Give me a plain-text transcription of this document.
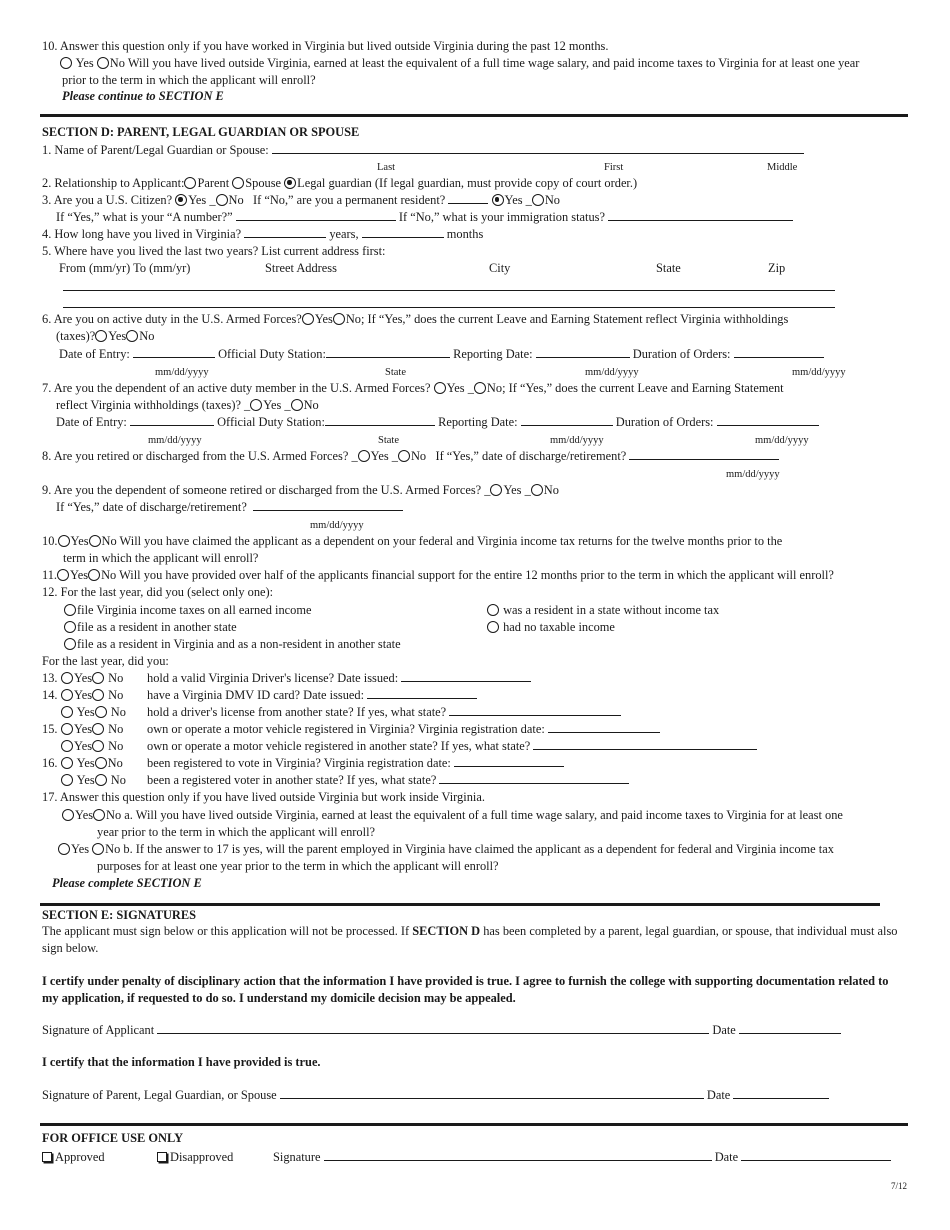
10. Answer this question only if you have worked in Virginia but lived outside Virginia during the past 12 months.
Yes No Will you have lived outside Virginia, earned at least the equivalent of a full time wage salary, and paid income taxes to Virginia for at least one year
prior to the term in which the applicant will enroll?
Please continue to SECTION E
SECTION D: PARENT, LEGAL GUARDIAN OR SPOUSE
1. Name of Parent/Legal Guardian or Spouse:
Last	First	Middle
2. Relationship to Applicant: Parent Spouse Legal guardian (If legal guardian, must provide copy of court order.)
3. Are you a U.S. Citizen? Yes _ No If “No,” are you a permanent resident?	Yes _ No
If “Yes,” what is your “A number?”	If “No,” what is your immigration status?
4. How long have you lived in Virginia?	years,	months
5. Where have you lived the last two years? List current address first:
From (mm/yr) To (mm/yr)	Street Address	City	State	Zip
6. Are you on active duty in the U.S. Armed Forces? Yes No; If “Yes,” does the current Leave and Earning Statement reflect Virginia withholdings
(taxes)? Yes No
Date of Entry:	Official Duty Station:	Reporting Date:	Duration of Orders:
mm/dd/yyyy	State	mm/dd/yyyy	mm/dd/yyyy
7. Are you the dependent of an active duty member in the U.S. Armed Forces? Yes _ No; If “Yes,” does the current Leave and Earning Statement
reflect Virginia withholdings (taxes)? _ Yes _ No
Date of Entry:	Official Duty Station:	Reporting Date:	Duration of Orders:
mm/dd/yyyy	State	mm/dd/yyyy	mm/dd/yyyy
8. Are you retired or discharged from the U.S. Armed Forces? _ Yes _ No If “Yes,” date of discharge/retirement?
mm/dd/yyyy
9. Are you the dependent of someone retired or discharged from the U.S. Armed Forces? _ Yes _ No
If “Yes,” date of discharge/retirement?
mm/dd/yyyy
10. Yes No Will you have claimed the applicant as a dependent on your federal and Virginia income tax returns for the twelve months prior to the
term in which the applicant will enroll?
11. Yes No Will you have provided over half of the applicants financial support for the entire 12 months prior to the term in which the applicant will enroll?
12. For the last year, did you (select only one):
file Virginia income taxes on all earned income
file as a resident in another state
file as a resident in Virginia and as a non-resident in another state
was a resident in a state without income tax
had no taxable income
For the last year, did you:
13.	Yes No hold a valid Virginia Driver's license? Date issued:
14.	Yes No have a Virginia DMV ID card? Date issued:
Yes No hold a driver's license from another state? If yes, what state?
15.	Yes No own or operate a motor vehicle registered in Virginia? Virginia registration date:
Yes No own or operate a motor vehicle registered in another state? If yes, what state?
16.	Yes No been registered to vote in Virginia? Virginia registration date:
Yes No been a registered voter in another state? If yes, what state?
17. Answer this question only if you have lived outside Virginia but work inside Virginia.
Yes No a. Will you have lived outside Virginia, earned at least the equivalent of a full time wage salary, and paid income taxes to Virginia for at least one
year prior to the term in which the applicant will enroll?
Yes No b. If the answer to 17 is yes, will the parent employed in Virginia have claimed the applicant as a dependent for federal and Virginia income tax
purposes for at least one year prior to the term in which the applicant will enroll?
Please complete SECTION E
SECTION E: SIGNATURES
The applicant must sign below or this application will not be processed. If SECTION D has been completed by a parent, legal guardian, or spouse, that individual must also sign below.
I certify under penalty of disciplinary action that the information I have provided is true. I agree to furnish the college with supporting documentation related to my application, if requested to do so. I understand my domicile decision may be appealed.
Signature of Applicant	Date
I certify that the information I have provided is true.
Signature of Parent, Legal Guardian, or Spouse	Date
FOR OFFICE USE ONLY
Approved	Disapproved	Signature	Date
7/12
